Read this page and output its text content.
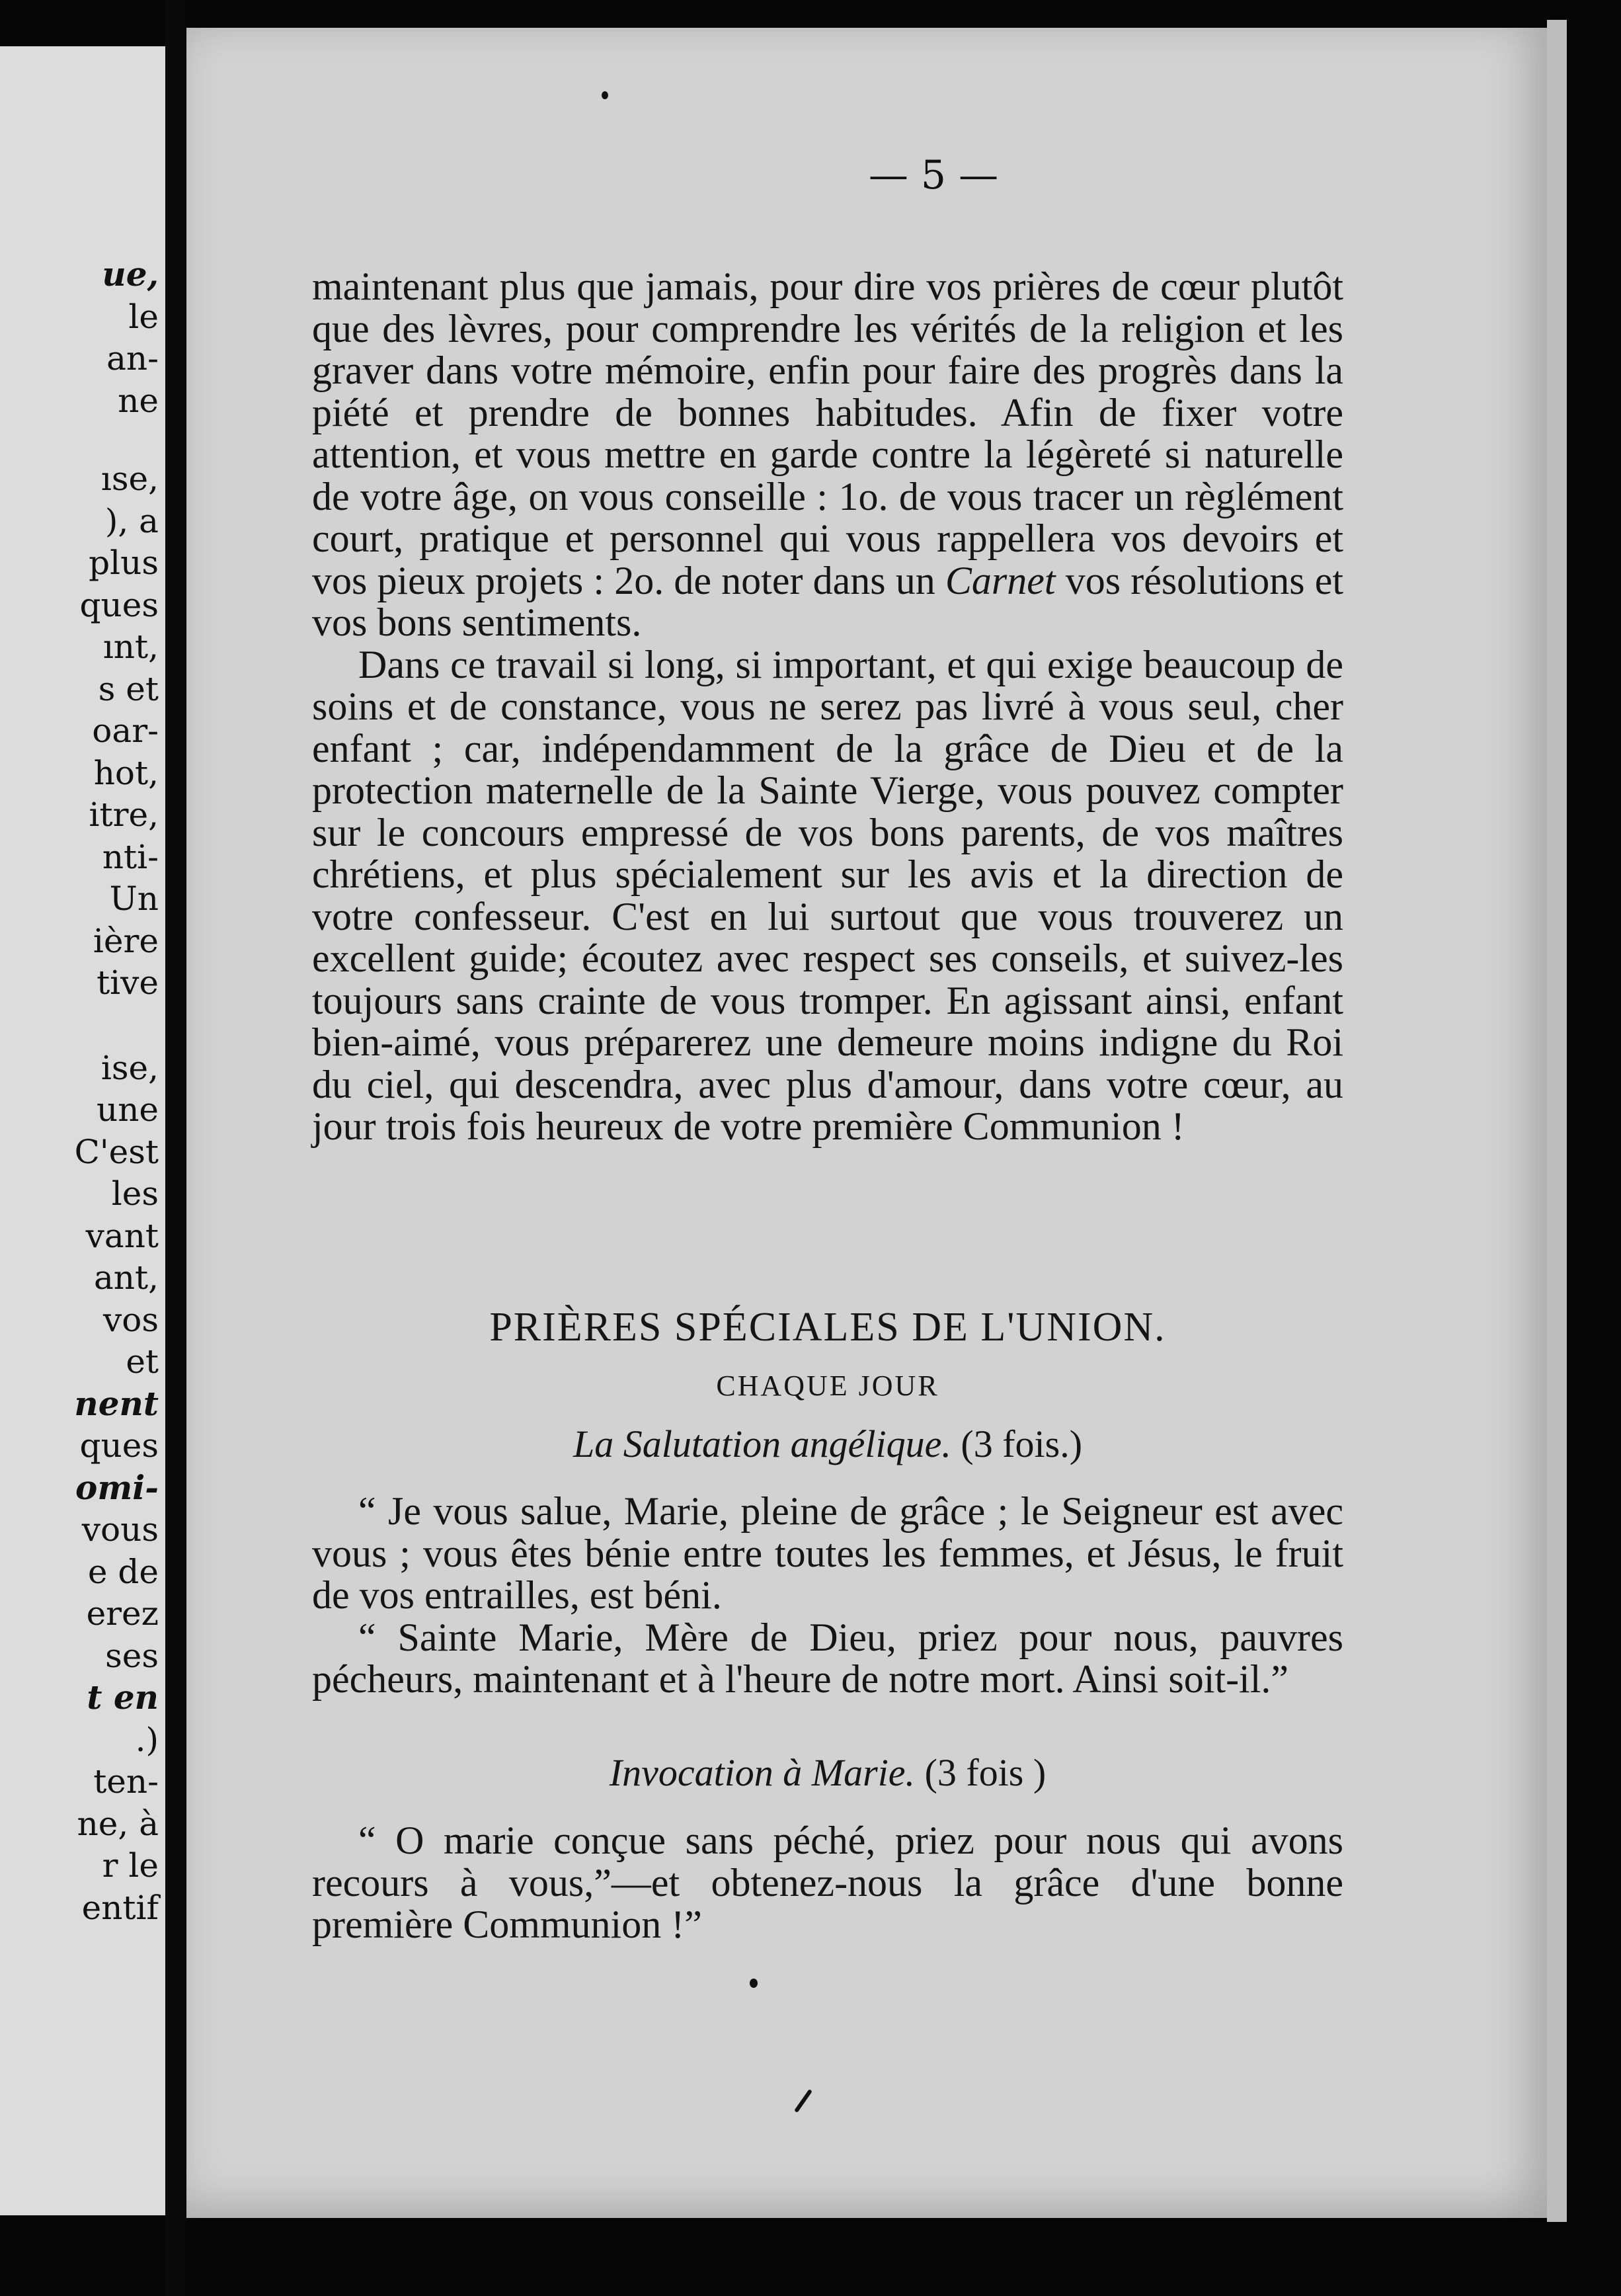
ue,
le
an-
ne
ıse,
), a
plus
ques
ınt,
s et
oar-
hot,
itre,
nti-
Un
ière
tive
ise,
une
C'est
les
vant
ant,
vos
et
nent
ques
omi-
vous
e de
erez
ses
t en
.)
ten-
ne, à
r le
entif
— 5 —

maintenant plus que jamais, pour dire vos prières de cœur plutôt que des lèvres, pour comprendre les vérités de la religion et les graver dans votre mémoire, enfin pour faire des progrès dans la piété et prendre de bonnes habitudes. Afin de fixer votre attention, et vous mettre en garde contre la légèreté si naturelle de votre âge, on vous conseille : 1o. de vous tracer un règlément court, pratique et personnel qui vous rappellera vos devoirs et vos pieux projets : 2o. de noter dans un Carnet vos résolutions et vos bons sentiments.

Dans ce travail si long, si important, et qui exige beaucoup de soins et de constance, vous ne serez pas livré à vous seul, cher enfant ; car, indépendamment de la grâce de Dieu et de la protection maternelle de la Sainte Vierge, vous pouvez compter sur le concours empressé de vos bons parents, de vos maîtres chrétiens, et plus spécialement sur les avis et la direction de votre confesseur. C'est en lui surtout que vous trouverez un excellent guide; écoutez avec respect ses conseils, et suivez-les toujours sans crainte de vous tromper. En agissant ainsi, enfant bien-aimé, vous préparerez une demeure moins indigne du Roi du ciel, qui descendra, avec plus d'amour, dans votre cœur, au jour trois fois heureux de votre première Communion !

PRIÈRES SPÉCIALES DE L'UNION.
CHAQUE JOUR
La Salutation angélique. (3 fois.)

“ Je vous salue, Marie, pleine de grâce ; le Seigneur est avec vous ; vous êtes bénie entre toutes les femmes, et Jésus, le fruit de vos entrailles, est béni.

“ Sainte Marie, Mère de Dieu, priez pour nous, pauvres pécheurs, maintenant et à l'heure de notre mort. Ainsi soit-il.”

Invocation à Marie. (3 fois )

“ O marie conçue sans péché, priez pour nous qui avons recours à vous,”—et obtenez-nous la grâce d'une bonne première Communion !”
